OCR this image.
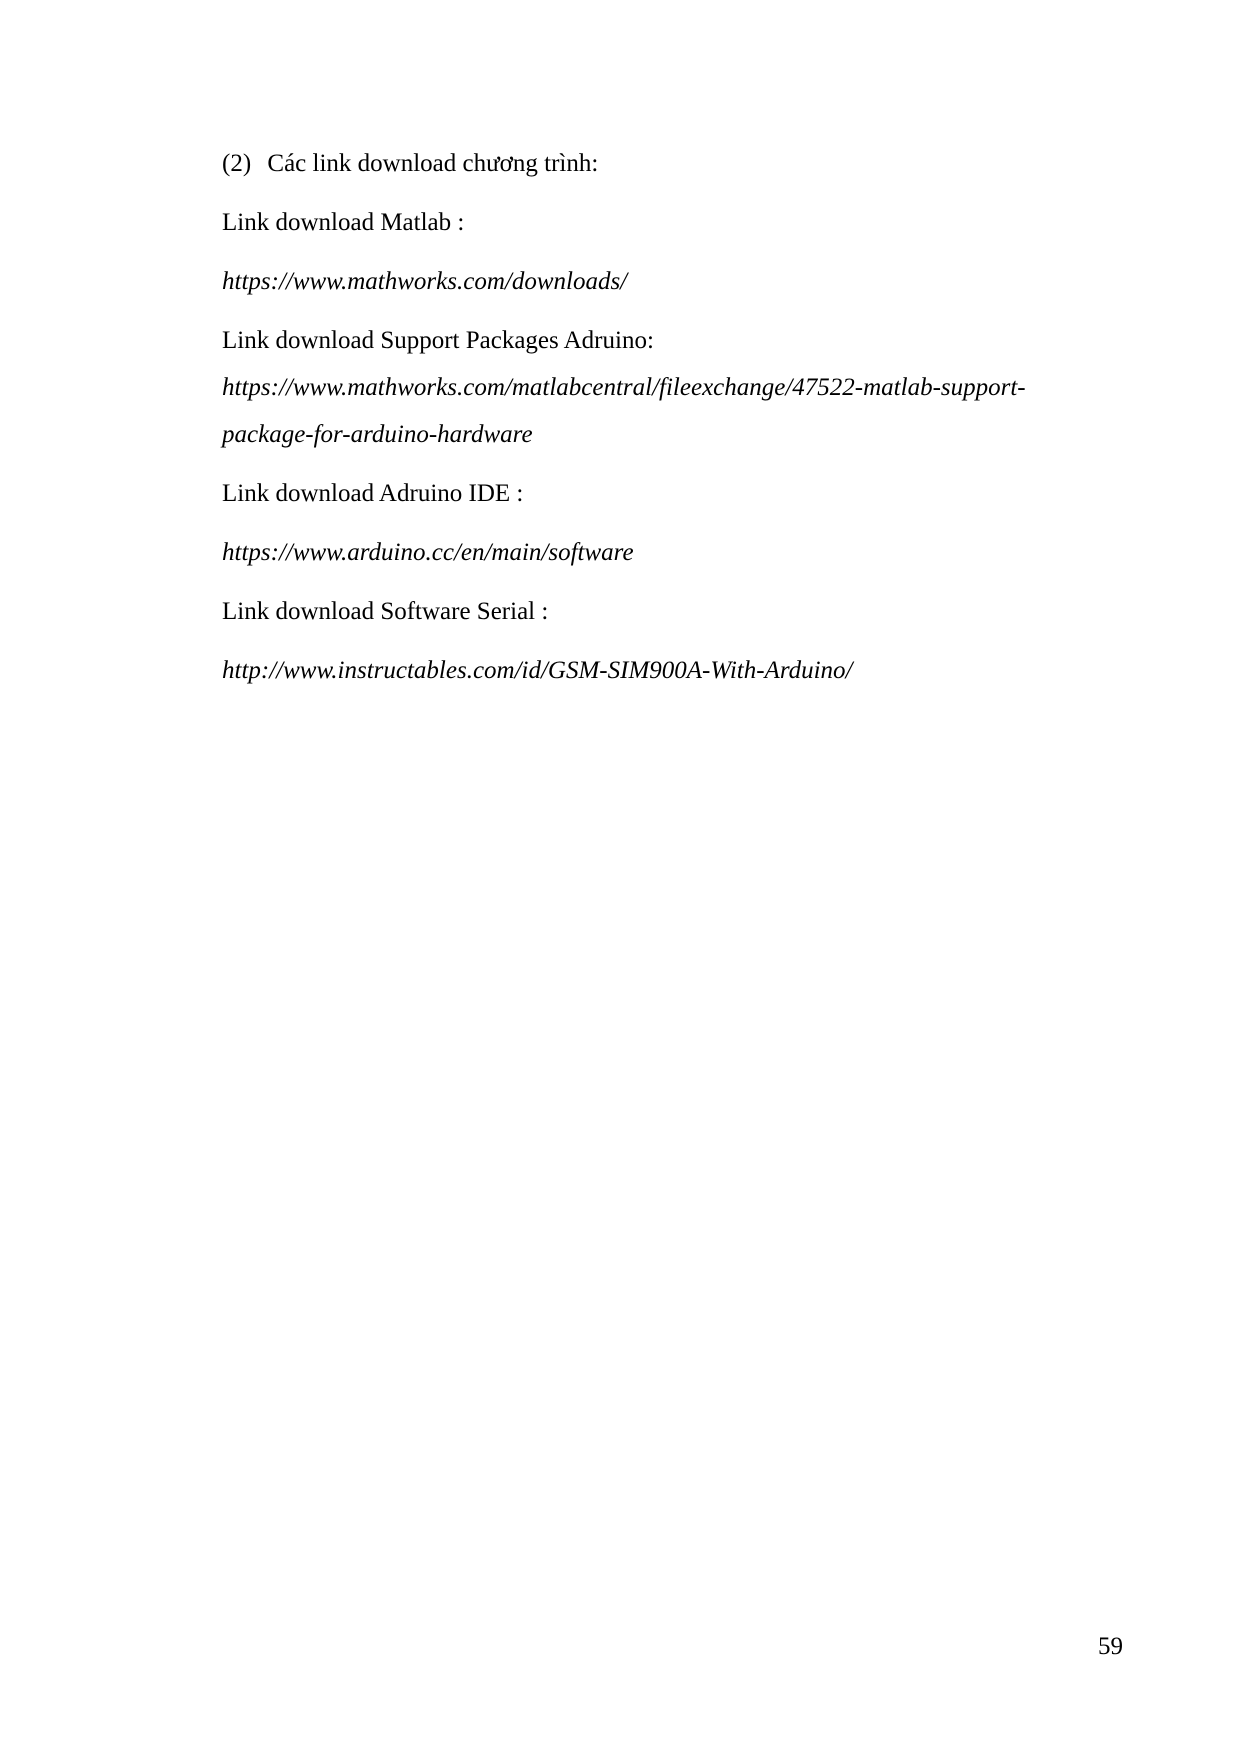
(2) Các link download chương trình:
Link download Matlab :
https://www.mathworks.com/downloads/
Link download Support Packages Adruino:
https://www.mathworks.com/matlabcentral/fileexchange/47522-matlab-support-
package-for-arduino-hardware
Link download Adruino IDE :
https://www.arduino.cc/en/main/software
Link download Software Serial :
http://www.instructables.com/id/GSM-SIM900A-With-Arduino/
59
